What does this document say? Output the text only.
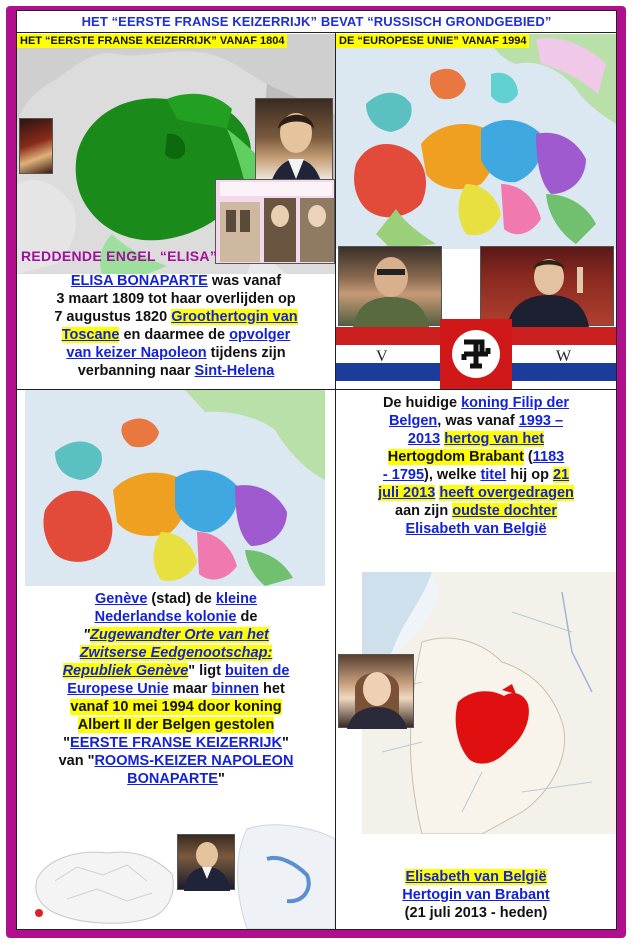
HET “EERSTE FRANSE KEIZERRIJK” BEVAT “RUSSISCH GRONDGEBIED”
HET “EERSTE FRANSE KEIZERRIJK” VANAF 1804
REDDENDE ENGEL “ELISA”
ELISA BONAPARTE was vanaf
3 maart 1809 tot haar overlijden op
7 augustus 1820 Groothertogin van
Toscane en daarmee de opvolger
van keizer Napoleon tijdens zijn
verbanning naar Sint-Helena
DE “EUROPESE UNIE” VANAF 1994
V	W
Genève (stad) de kleine
Nederlandse kolonie de
"Zugewandter Orte van het
Zwitserse Eedgenootschap:
Republiek Genève" ligt buiten de
Europese Unie maar binnen het
vanaf 10 mei 1994 door koning
Albert II der Belgen gestolen
"EERSTE FRANSE KEIZERRIJK"
van "ROOMS-KEIZER NAPOLEON
BONAPARTE"
De huidige koning Filip der
Belgen, was vanaf 1993 –
2013 hertog van het
Hertogdom Brabant (1183
- 1795), welke titel hij op 21
juli 2013 heeft overgedragen
aan zijn oudste dochter
Elisabeth van België
Elisabeth van België
Hertogin van Brabant
(21 juli 2013 - heden)
